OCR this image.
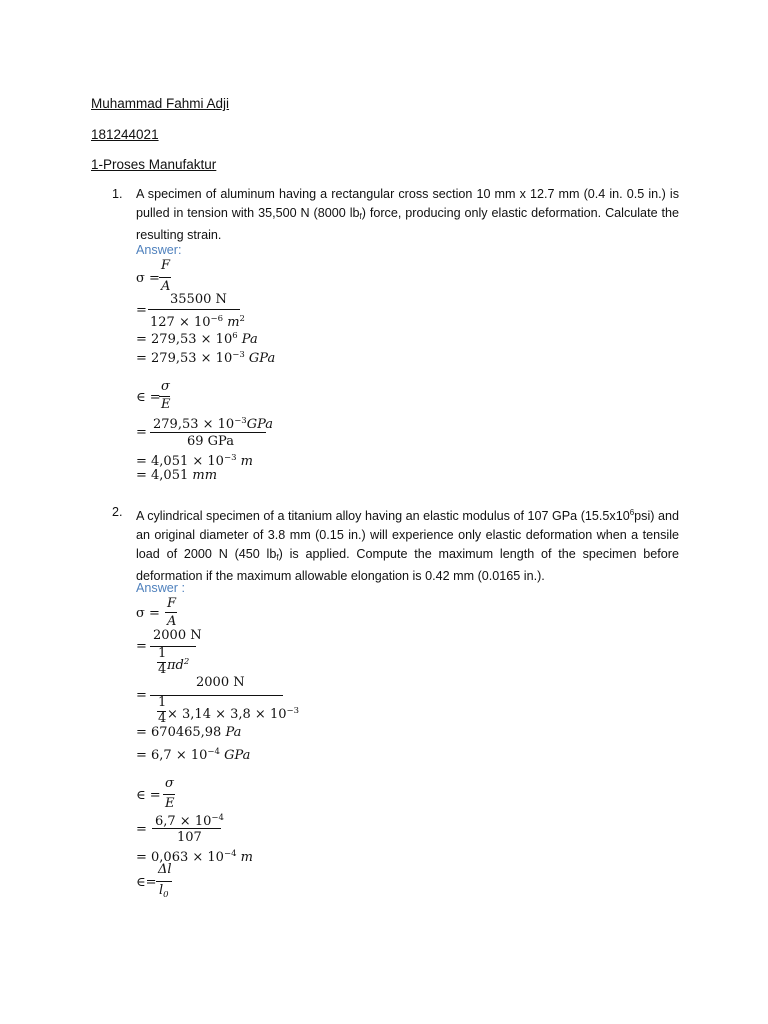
Muhammad Fahmi Adji
181244021
1-Proses Manufaktur
1. A specimen of aluminum having a rectangular cross section 10 mm x 12.7 mm (0.4 in. 0.5 in.) is
pulled in tension with 35,500 N (8000 $lb_f$) force, producing only elastic deformation. Calculate the
resulting strain.
Answer:
σ =
F
A
=
35500 N
$127 \times 10^{-6}$ $m^2$
= $279,53 \times 10^6$ Pa
= $279,53 \times 10^{-3}$ GPa
∈ =
σ
E
=
$279,53 \times 10^{-3}GPa$
69 GPa
= $4,051 \times 10^{-3}$ m
= 4,051 mm
2. A cylindrical specimen of a titanium alloy having an elastic modulus of 107 GPa $(15.5x10^6psi)$ and
an original diameter of 3.8 mm (0.15 in.) will experience only elastic deformation when a tensile
load of 2000 N (450 $lb_f$) is applied. Compute the maximum length of the specimen before
deformation if the maximum allowable elongation is 0.42 mm (0.0165 in.).
Answer :
σ =
F
A
=
2000 N
1
4 $\pi d^2$
=
2000 N
1
$4 \times 3,14 \times 3,8 \times 10^{-3}$
= 670465,98 Pa
= $6,7 \times 10^{-4}$ GPa
∈ =
σ
E
=
$6,7 \times 10^{-4}$
107
= $0,063 \times 10^{-4}$ m
∈=
Δl
$l_0$
